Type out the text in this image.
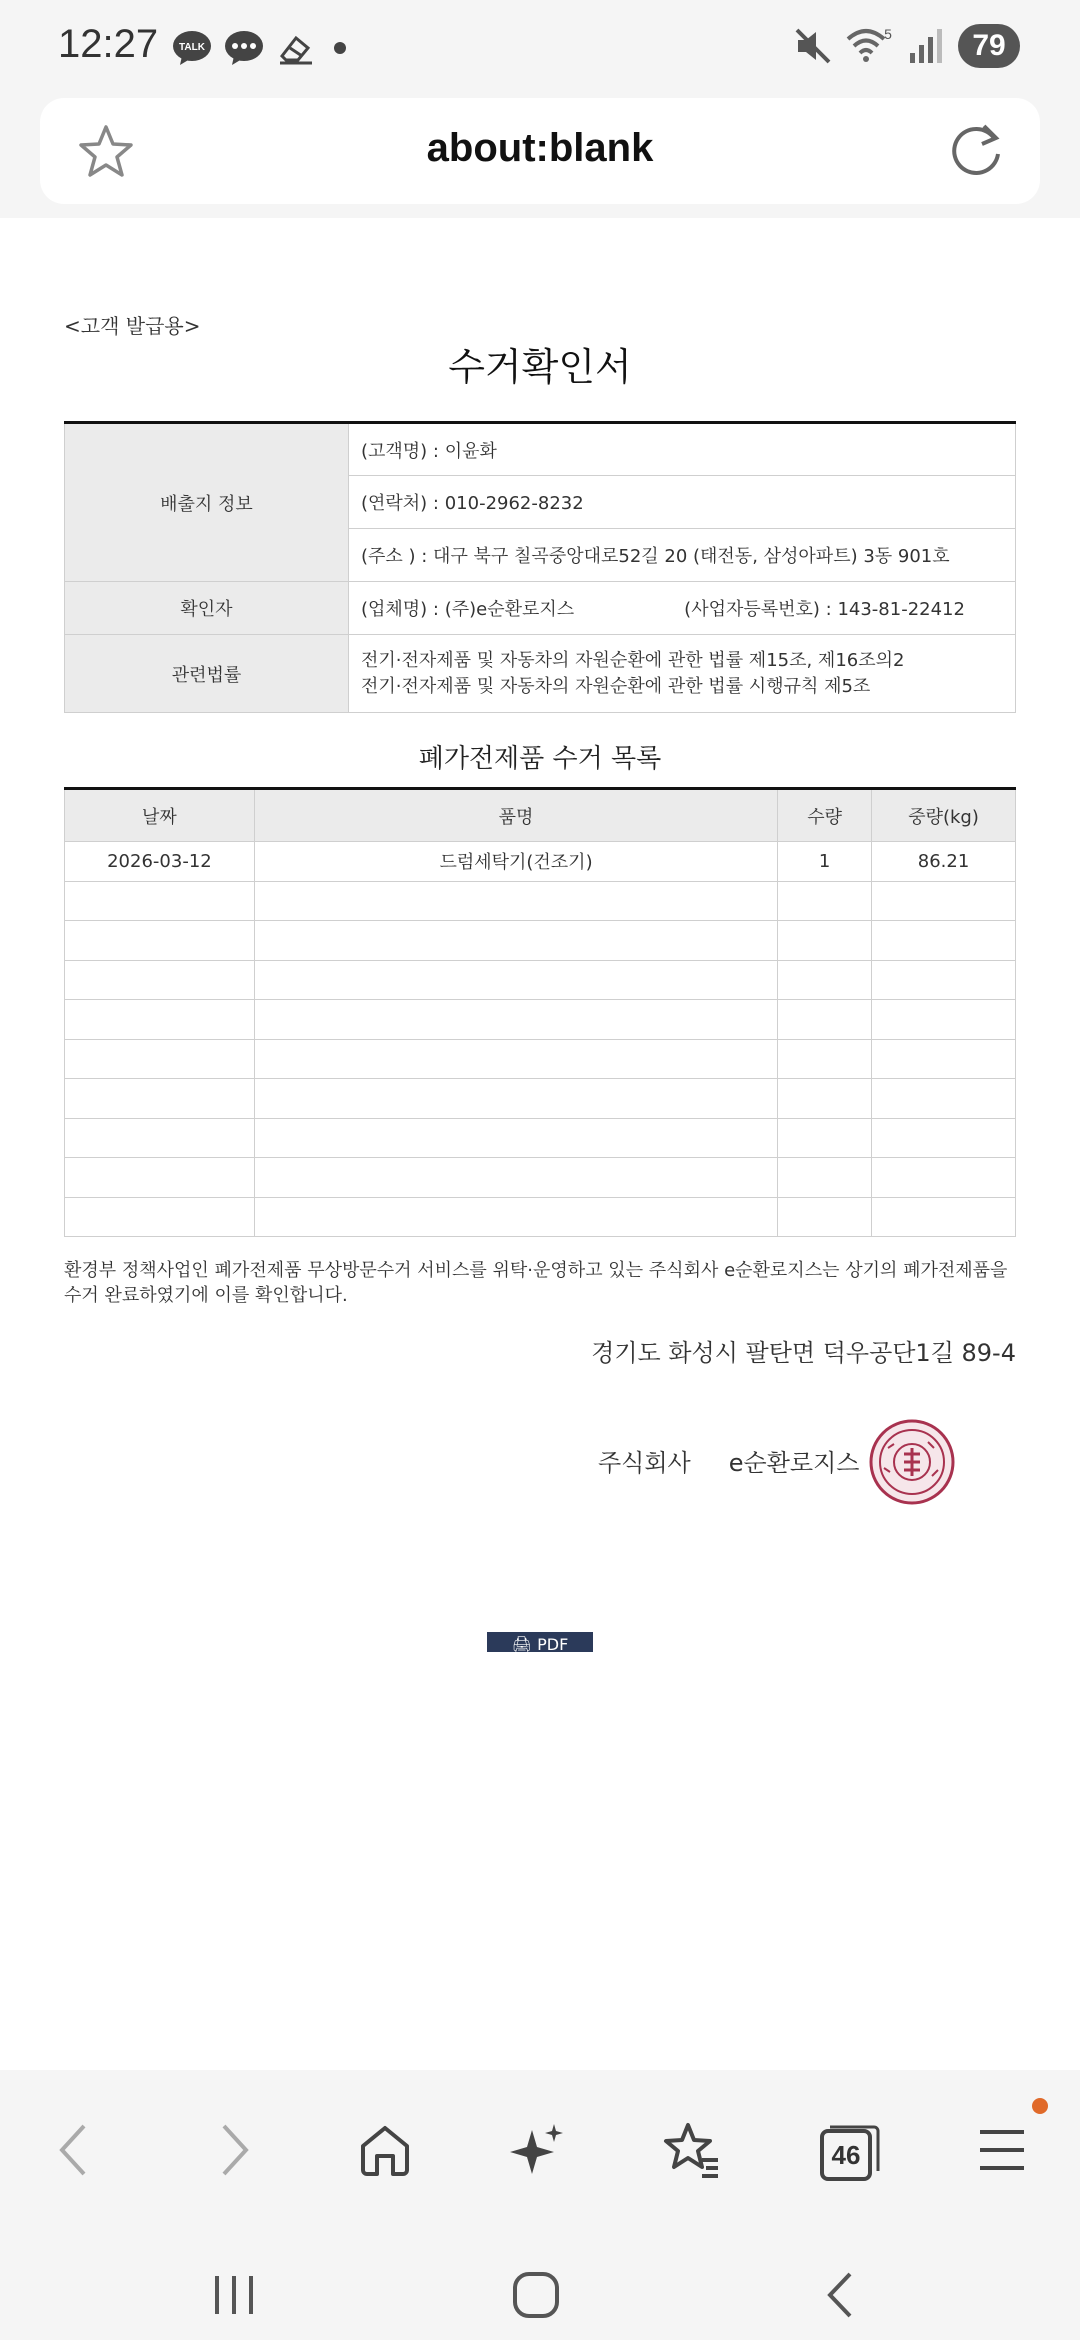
12:27 TALK
5	79
about:blank
<고객 발급용>
수거확인서
배출지 정보	(고객명) : 이윤화
	(연락처) : 010-2962-8232
	(주소 ) : 대구 북구 칠곡중앙대로52길 20 (태전동, 삼성아파트) 3동 901호
확인자	(업체명) : (주)e순환로지스 (사업자등록번호) : 143-81-22412
관련법률	전기·전자제품 및 자동차의 자원순환에 관한 법률 제15조, 제16조의2
전기·전자제품 및 자동차의 자원순환에 관한 법률 시행규칙 제5조
폐가전제품 수거 목록
날짜	품명	수량	중량(kg)
2026-03-12	드럼세탁기(건조기)	1	86.21

환경부 정책사업인 폐가전제품 무상방문수거 서비스를 위탁·운영하고 있는 주식회사 e순환로지스는 상기의 폐가전제품을 수거 완료하였기에 이를 확인합니다.
경기도 화성시 팔탄면 덕우공단1길 89-4
주식회사 e순환로지스
🖨 PDF
46
